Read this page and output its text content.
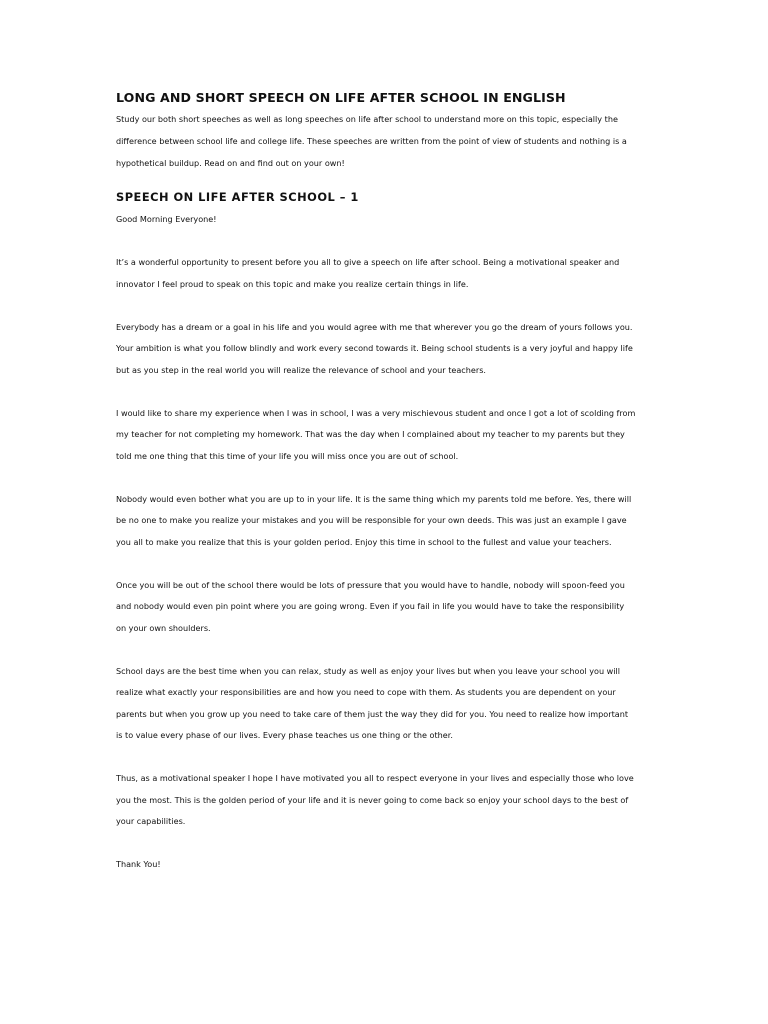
LONG AND SHORT SPEECH ON LIFE AFTER SCHOOL IN ENGLISH

Study our both short speeches as well as long speeches on life after school to understand more on this topic, especially the
difference between school life and college life. These speeches are written from the point of view of students and nothing is a
hypothetical buildup. Read on and find out on your own!

SPEECH ON LIFE AFTER SCHOOL – 1

Good Morning Everyone!

It’s a wonderful opportunity to present before you all to give a speech on life after school. Being a motivational speaker and
innovator I feel proud to speak on this topic and make you realize certain things in life.

Everybody has a dream or a goal in his life and you would agree with me that wherever you go the dream of yours follows you.
Your ambition is what you follow blindly and work every second towards it. Being school students is a very joyful and happy life
but as you step in the real world you will realize the relevance of school and your teachers.

I would like to share my experience when I was in school, I was a very mischievous student and once I got a lot of scolding from
my teacher for not completing my homework. That was the day when I complained about my teacher to my parents but they
told me one thing that this time of your life you will miss once you are out of school.

Nobody would even bother what you are up to in your life. It is the same thing which my parents told me before. Yes, there will
be no one to make you realize your mistakes and you will be responsible for your own deeds. This was just an example I gave
you all to make you realize that this is your golden period. Enjoy this time in school to the fullest and value your teachers.

Once you will be out of the school there would be lots of pressure that you would have to handle, nobody will spoon-feed you
and nobody would even pin point where you are going wrong. Even if you fail in life you would have to take the responsibility
on your own shoulders.

School days are the best time when you can relax, study as well as enjoy your lives but when you leave your school you will
realize what exactly your responsibilities are and how you need to cope with them. As students you are dependent on your
parents but when you grow up you need to take care of them just the way they did for you. You need to realize how important
is to value every phase of our lives. Every phase teaches us one thing or the other.

Thus, as a motivational speaker I hope I have motivated you all to respect everyone in your lives and especially those who love
you the most. This is the golden period of your life and it is never going to come back so enjoy your school days to the best of
your capabilities.

Thank You!
